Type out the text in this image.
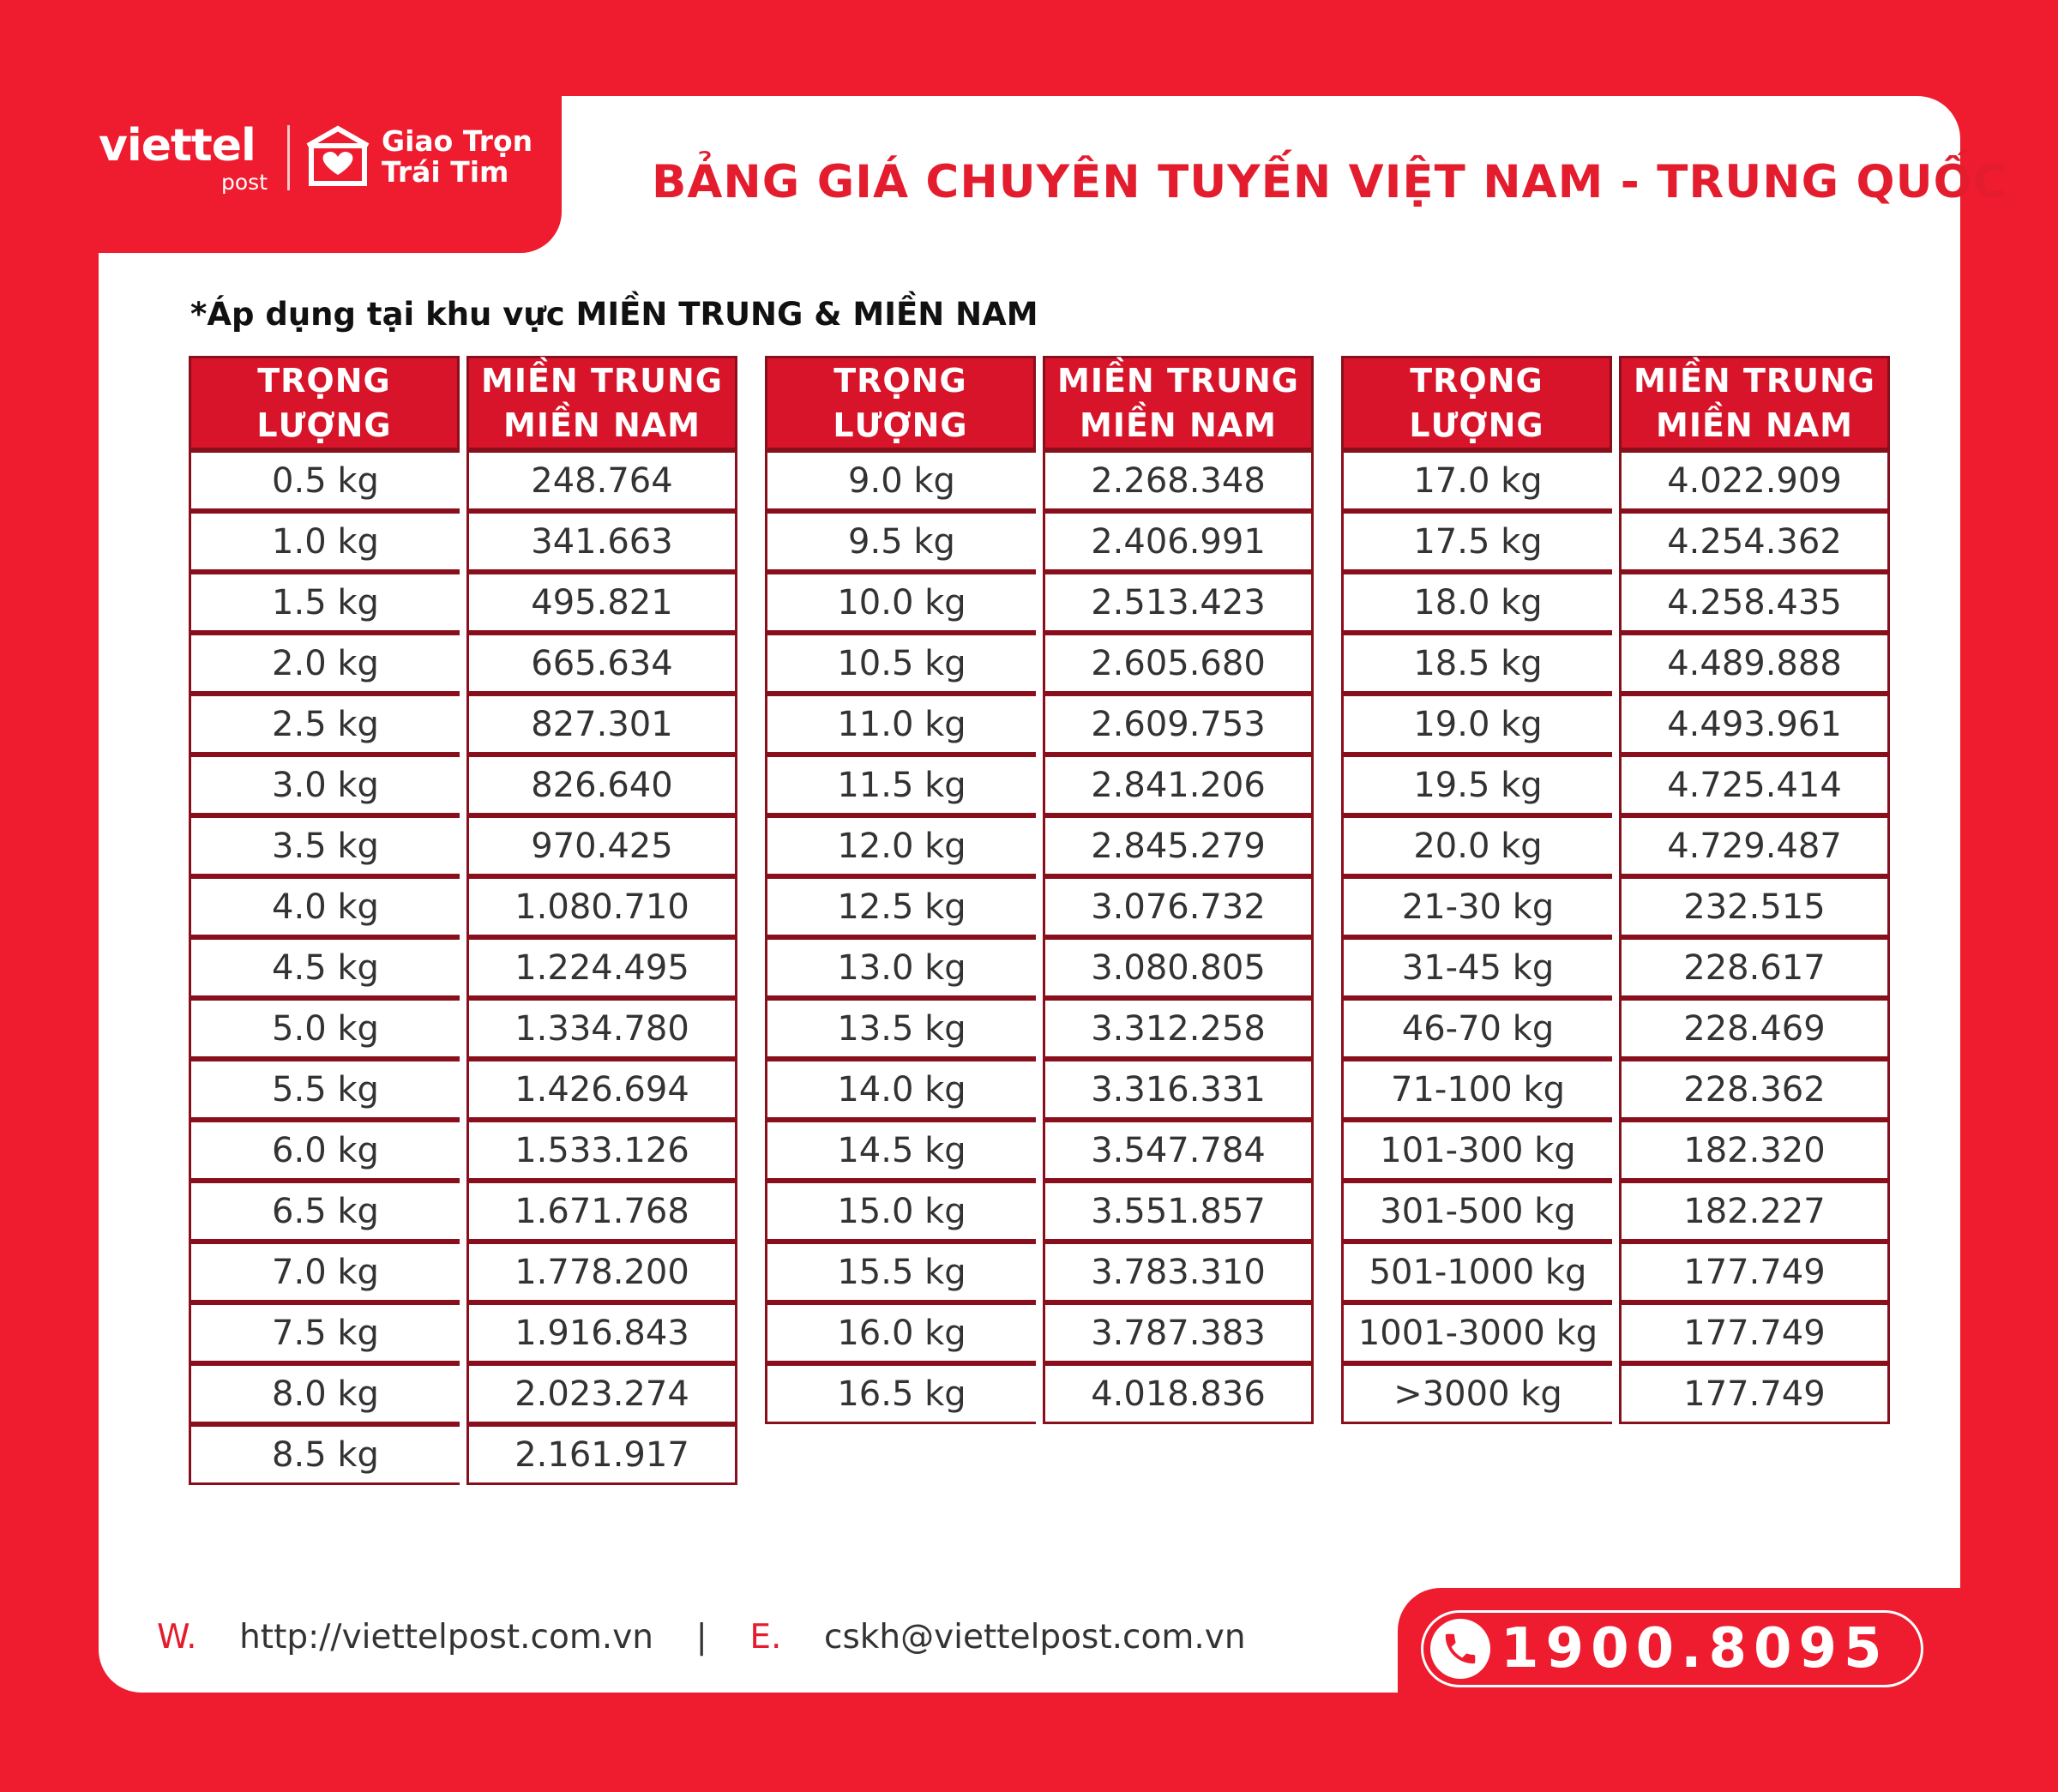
viettel
post
Giao Trọn
Trái Tim	BẢNG GIÁ CHUYÊN TUYẾN VIỆT NAM - TRUNG QUỐC
*Áp dụng tại khu vực MIỀN TRUNG & MIỀN NAM
TRỌNG LƯỢNG		MIỀN TRUNG
MIỀN NAM

0.5 kg		248.764
1.0 kg		341.663
1.5 kg		495.821
2.0 kg		665.634
2.5 kg		827.301
3.0 kg		826.640
3.5 kg		970.425
4.0 kg		1.080.710
4.5 kg		1.224.495
5.0 kg		1.334.780
5.5 kg		1.426.694
6.0 kg		1.533.126
6.5 kg		1.671.768
7.0 kg		1.778.200
7.5 kg		1.916.843
8.0 kg		2.023.274
8.5 kg		2.161.917
TRỌNG LƯỢNG		MIỀN TRUNG
MIỀN NAM

9.0 kg		2.268.348
9.5 kg		2.406.991
10.0 kg		2.513.423
10.5 kg		2.605.680
11.0 kg		2.609.753
11.5 kg		2.841.206
12.0 kg		2.845.279
12.5 kg		3.076.732
13.0 kg		3.080.805
13.5 kg		3.312.258
14.0 kg		3.316.331
14.5 kg		3.547.784
15.0 kg		3.551.857
15.5 kg		3.783.310
16.0 kg		3.787.383
16.5 kg		4.018.836
TRỌNG LƯỢNG		MIỀN TRUNG
MIỀN NAM

17.0 kg		4.022.909
17.5 kg		4.254.362
18.0 kg		4.258.435
18.5 kg		4.489.888
19.0 kg		4.493.961
19.5 kg		4.725.414
20.0 kg		4.729.487
21-30 kg		232.515
31-45 kg		228.617
46-70 kg		228.469
71-100 kg		228.362
101-300 kg		182.320
301-500 kg		182.227
501-1000 kg		177.749
1001-3000 kg		177.749
>3000 kg		177.749
W. http://viettelpost.com.vn | E. cskh@viettelpost.com.vn	1900.8095
